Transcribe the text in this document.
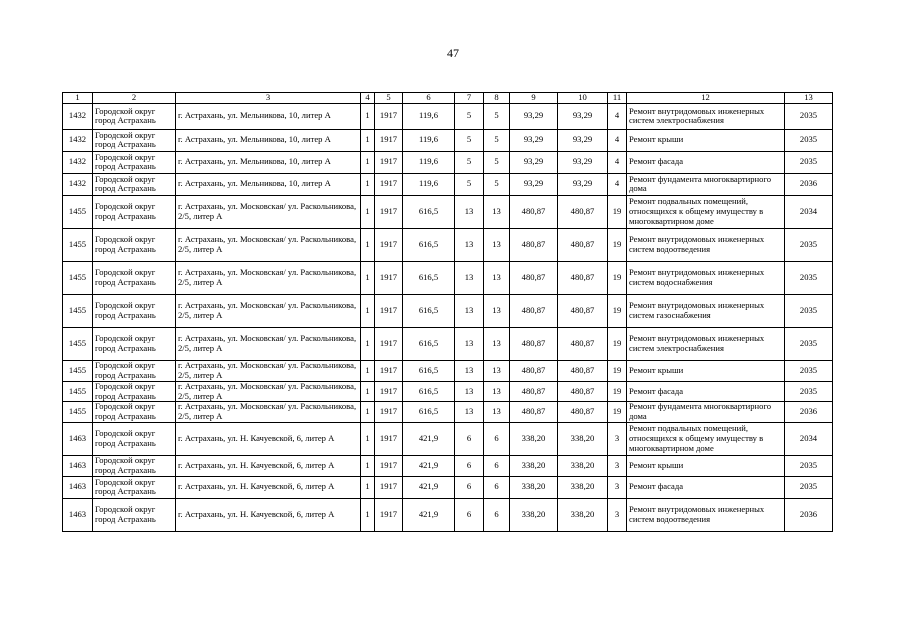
47
1	2	3	4	5	6	7	8	9	10	11	12	13
1432	Городской округ город Астрахань	г. Астрахань, ул. Мельникова, 10, литер А	1	1917	119,6	5	5	93,29	93,29	4	Ремонт внутридомовых инженерных систем электроснабжения	2035
1432	Городской округ город Астрахань	г. Астрахань, ул. Мельникова, 10, литер А	1	1917	119,6	5	5	93,29	93,29	4	Ремонт крыши	2035
1432	Городской округ город Астрахань	г. Астрахань, ул. Мельникова, 10, литер А	1	1917	119,6	5	5	93,29	93,29	4	Ремонт фасада	2035
1432	Городской округ город Астрахань	г. Астрахань, ул. Мельникова, 10, литер А	1	1917	119,6	5	5	93,29	93,29	4	Ремонт фундамента многоквартирного дома	2036
1455	Городской округ город Астрахань	г. Астрахань, ул. Московская/ ул. Раскольникова, 2/5, литер А	1	1917	616,5	13	13	480,87	480,87	19	Ремонт подвальных помещений, относящихся к общему имуществу в многоквартирном доме	2034
1455	Городской округ город Астрахань	г. Астрахань, ул. Московская/ ул. Раскольникова, 2/5, литер А	1	1917	616,5	13	13	480,87	480,87	19	Ремонт внутридомовых инженерных систем водоотведения	2035
1455	Городской округ город Астрахань	г. Астрахань, ул. Московская/ ул. Раскольникова, 2/5, литер А	1	1917	616,5	13	13	480,87	480,87	19	Ремонт внутридомовых инженерных систем водоснабжения	2035
1455	Городской округ город Астрахань	г. Астрахань, ул. Московская/ ул. Раскольникова, 2/5, литер А	1	1917	616,5	13	13	480,87	480,87	19	Ремонт внутридомовых инженерных систем газоснабжения	2035
1455	Городской округ город Астрахань	г. Астрахань, ул. Московская/ ул. Раскольникова, 2/5, литер А	1	1917	616,5	13	13	480,87	480,87	19	Ремонт внутридомовых инженерных систем электроснабжения	2035
1455	Городской округ город Астрахань	г. Астрахань, ул. Московская/ ул. Раскольникова, 2/5, литер А	1	1917	616,5	13	13	480,87	480,87	19	Ремонт крыши	2035
1455	Городской округ город Астрахань	г. Астрахань, ул. Московская/ ул. Раскольникова, 2/5, литер А	1	1917	616,5	13	13	480,87	480,87	19	Ремонт фасада	2035
1455	Городской округ город Астрахань	г. Астрахань, ул. Московская/ ул. Раскольникова, 2/5, литер А	1	1917	616,5	13	13	480,87	480,87	19	Ремонт фундамента многоквартирного дома	2036
1463	Городской округ город Астрахань	г. Астрахань, ул. Н. Качуевской, 6, литер А	1	1917	421,9	6	6	338,20	338,20	3	Ремонт подвальных помещений, относящихся к общему имуществу в многоквартирном доме	2034
1463	Городской округ город Астрахань	г. Астрахань, ул. Н. Качуевской, 6, литер А	1	1917	421,9	6	6	338,20	338,20	3	Ремонт крыши	2035
1463	Городской округ город Астрахань	г. Астрахань, ул. Н. Качуевской, 6, литер А	1	1917	421,9	6	6	338,20	338,20	3	Ремонт фасада	2035
1463	Городской округ город Астрахань	г. Астрахань, ул. Н. Качуевской, 6, литер А	1	1917	421,9	6	6	338,20	338,20	3	Ремонт внутридомовых инженерных систем водоотведения	2036
